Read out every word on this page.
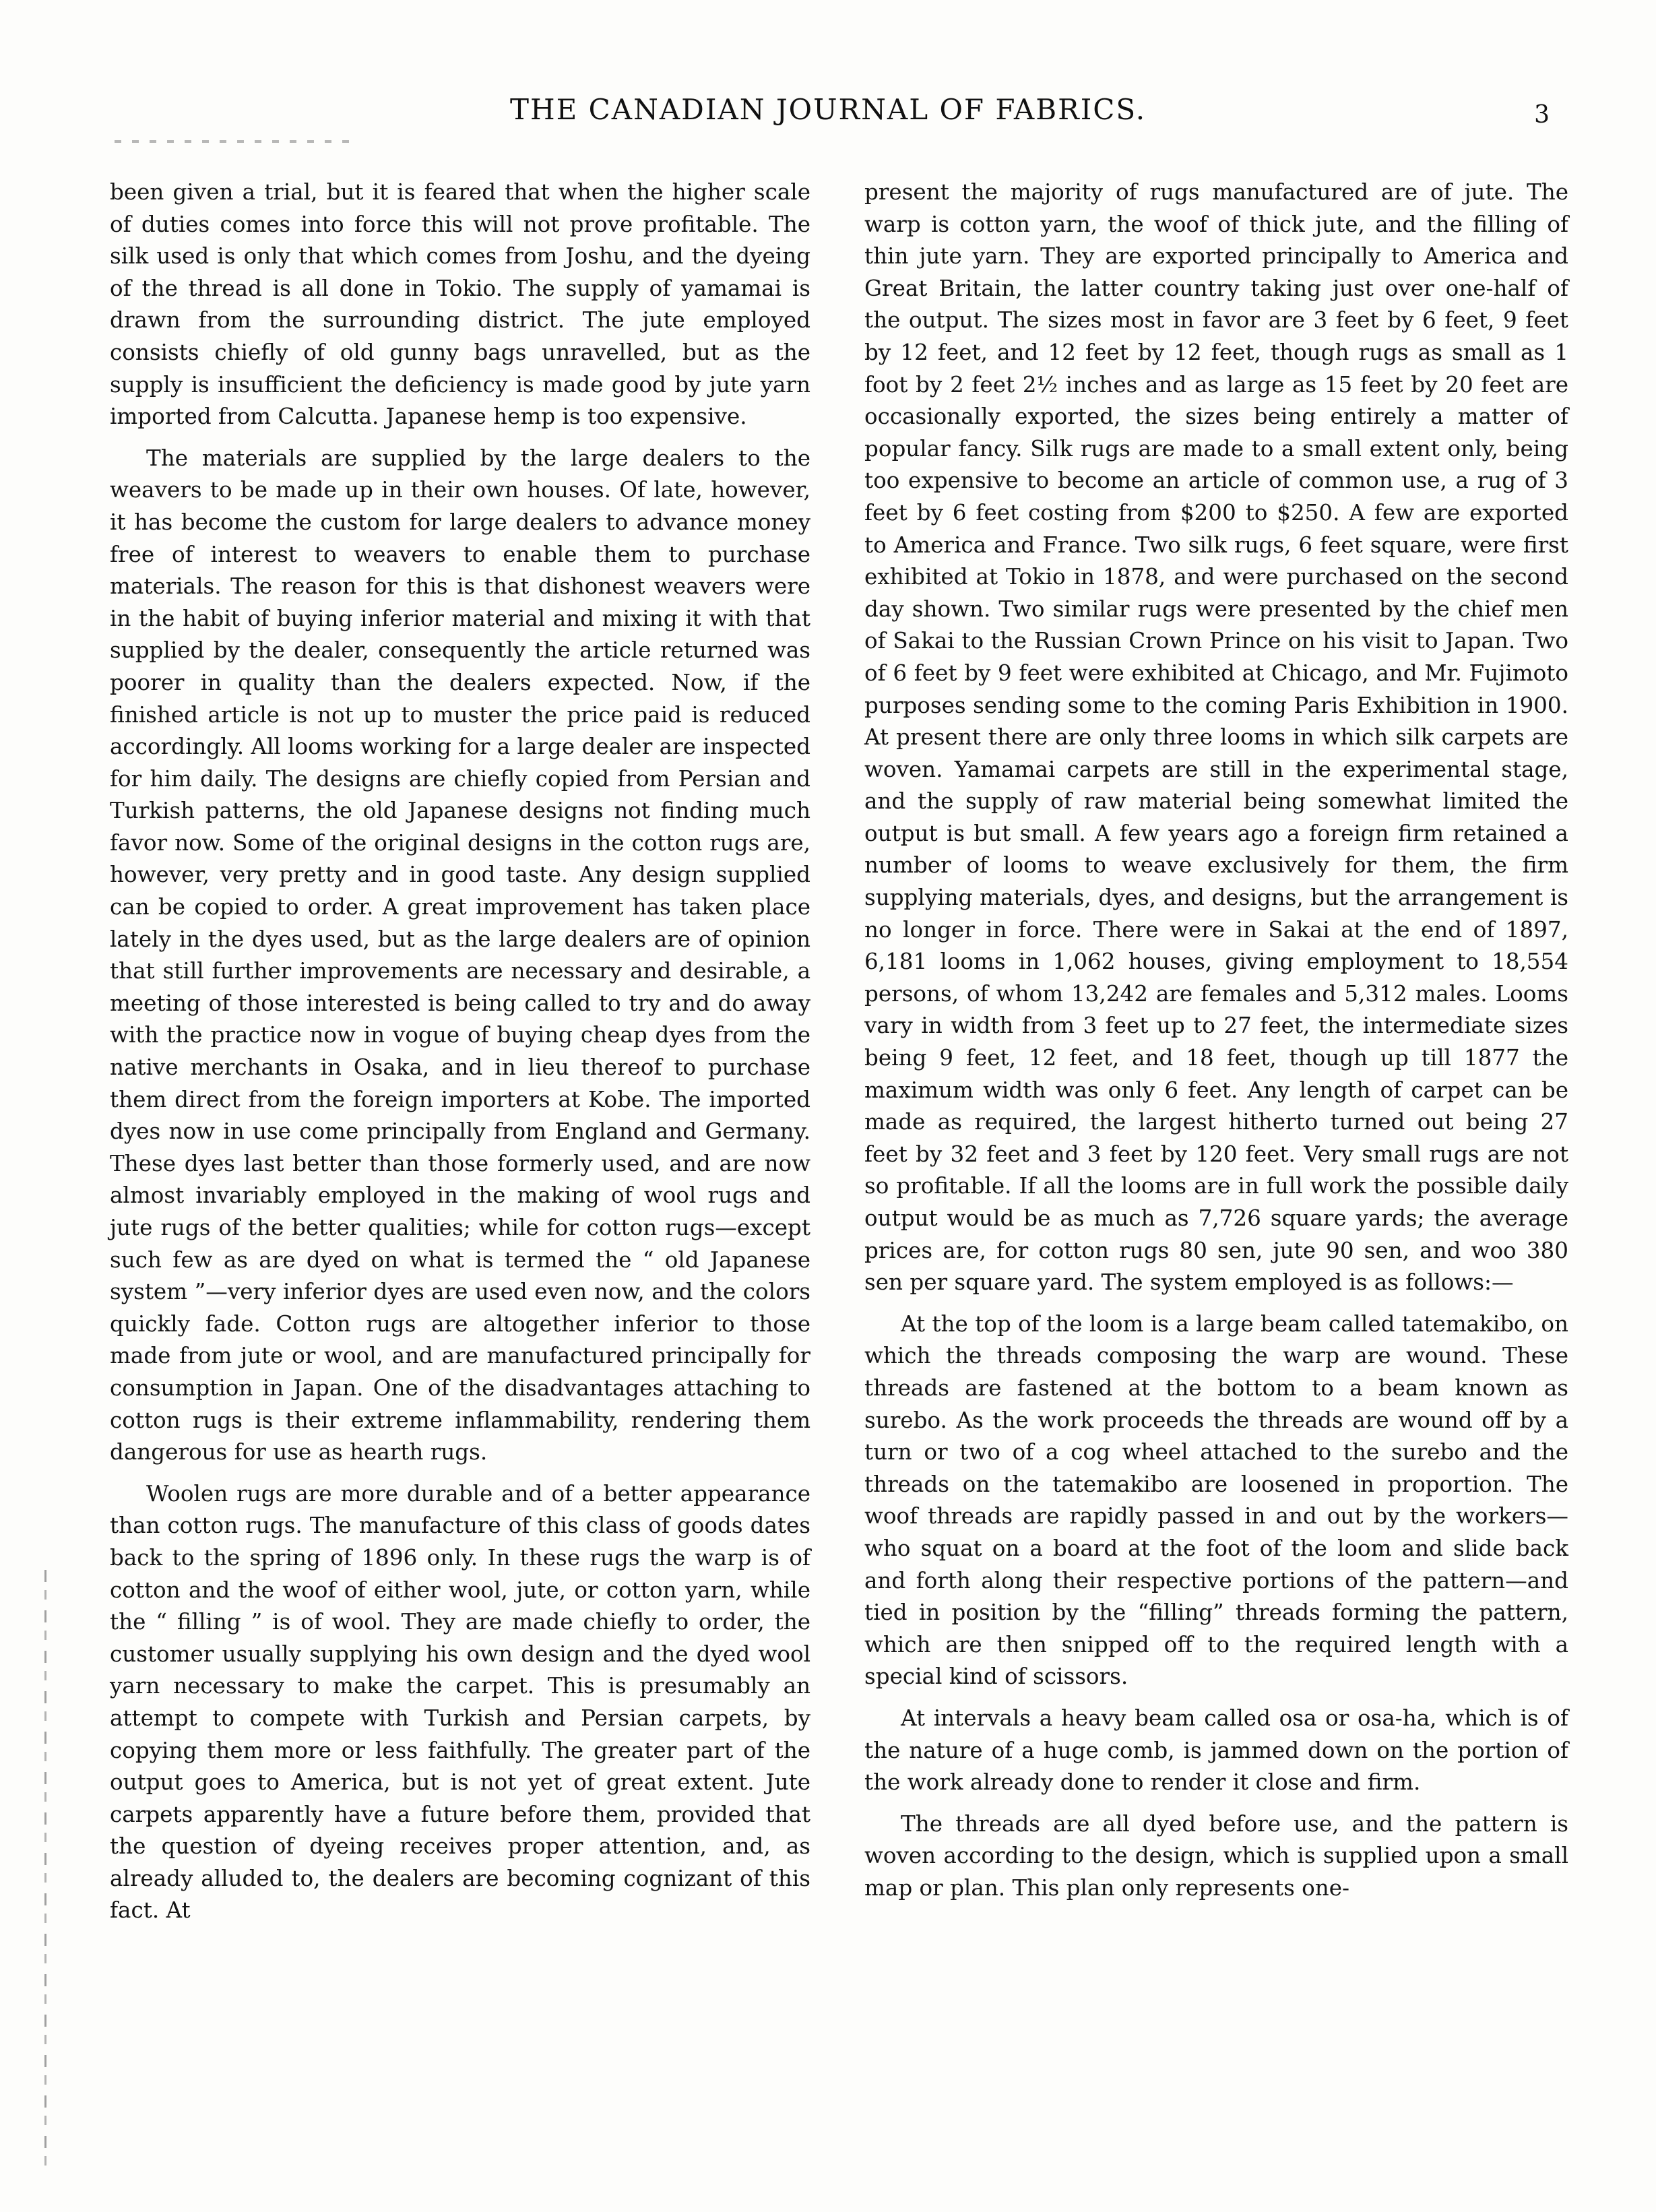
THE CANADIAN JOURNAL OF FABRICS.	3

been given a trial, but it is feared that when the higher scale of duties comes into force this will not prove profitable. The silk used is only that which comes from Joshu, and the dyeing of the thread is all done in Tokio. The supply of yamamai is drawn from the surrounding district. The jute employed consists chiefly of old gunny bags unravelled, but as the supply is insufficient the deficiency is made good by jute yarn imported from Calcutta. Japanese hemp is too expensive.

The materials are supplied by the large dealers to the weavers to be made up in their own houses. Of late, however, it has become the custom for large dealers to advance money free of interest to weavers to enable them to purchase materials. The reason for this is that dishonest weavers were in the habit of buying inferior material and mixing it with that supplied by the dealer, consequently the article returned was poorer in quality than the dealers expected. Now, if the finished article is not up to muster the price paid is reduced accordingly. All looms working for a large dealer are inspected for him daily. The designs are chiefly copied from Persian and Turkish patterns, the old Japanese designs not finding much favor now. Some of the original designs in the cotton rugs are, however, very pretty and in good taste. Any design supplied can be copied to order. A great improvement has taken place lately in the dyes used, but as the large dealers are of opinion that still further improvements are necessary and desirable, a meeting of those interested is being called to try and do away with the practice now in vogue of buying cheap dyes from the native merchants in Osaka, and in lieu thereof to purchase them direct from the foreign importers at Kobe. The imported dyes now in use come principally from England and Germany. These dyes last better than those formerly used, and are now almost invariably employed in the making of wool rugs and jute rugs of the better qualities; while for cotton rugs—except such few as are dyed on what is termed the “ old Japanese system ”—very inferior dyes are used even now, and the colors quickly fade. Cotton rugs are altogether inferior to those made from jute or wool, and are manufactured principally for consumption in Japan. One of the disadvantages attaching to cotton rugs is their extreme inflammability, rendering them dangerous for use as hearth rugs.

Woolen rugs are more durable and of a better appearance than cotton rugs. The manufacture of this class of goods dates back to the spring of 1896 only. In these rugs the warp is of cotton and the woof of either wool, jute, or cotton yarn, while the “ filling ” is of wool. They are made chiefly to order, the customer usually supplying his own design and the dyed wool yarn necessary to make the carpet. This is presumably an attempt to compete with Turkish and Persian carpets, by copying them more or less faithfully. The greater part of the output goes to America, but is not yet of great extent. Jute carpets apparently have a future before them, provided that the question of dyeing receives proper attention, and, as already alluded to, the dealers are becoming cognizant of this fact. At

present the majority of rugs manufactured are of jute. The warp is cotton yarn, the woof of thick jute, and the filling of thin jute yarn. They are exported principally to America and Great Britain, the latter country taking just over one-half of the output. The sizes most in favor are 3 feet by 6 feet, 9 feet by 12 feet, and 12 feet by 12 feet, though rugs as small as 1 foot by 2 feet 2½ inches and as large as 15 feet by 20 feet are occasionally exported, the sizes being entirely a matter of popular fancy. Silk rugs are made to a small extent only, being too expensive to become an article of common use, a rug of 3 feet by 6 feet costing from $200 to $250. A few are exported to America and France. Two silk rugs, 6 feet square, were first exhibited at Tokio in 1878, and were purchased on the second day shown. Two similar rugs were presented by the chief men of Sakai to the Russian Crown Prince on his visit to Japan. Two of 6 feet by 9 feet were exhibited at Chicago, and Mr. Fujimoto purposes sending some to the coming Paris Exhibition in 1900. At present there are only three looms in which silk carpets are woven. Yamamai carpets are still in the experimental stage, and the supply of raw material being somewhat limited the output is but small. A few years ago a foreign firm retained a number of looms to weave exclusively for them, the firm supplying materials, dyes, and designs, but the arrangement is no longer in force. There were in Sakai at the end of 1897, 6,181 looms in 1,062 houses, giving employment to 18,554 persons, of whom 13,242 are females and 5,312 males. Looms vary in width from 3 feet up to 27 feet, the intermediate sizes being 9 feet, 12 feet, and 18 feet, though up till 1877 the maximum width was only 6 feet. Any length of carpet can be made as required, the largest hitherto turned out being 27 feet by 32 feet and 3 feet by 120 feet. Very small rugs are not so profitable. If all the looms are in full work the possible daily output would be as much as 7,726 square yards; the average prices are, for cotton rugs 80 sen, jute 90 sen, and woo 380 sen per square yard. The system employed is as follows:—

At the top of the loom is a large beam called tatemakibo, on which the threads composing the warp are wound. These threads are fastened at the bottom to a beam known as surebo. As the work proceeds the threads are wound off by a turn or two of a cog wheel attached to the surebo and the threads on the tatemakibo are loosened in proportion. The woof threads are rapidly passed in and out by the workers—who squat on a board at the foot of the loom and slide back and forth along their respective portions of the pattern—and tied in position by the “filling” threads forming the pattern, which are then snipped off to the required length with a special kind of scissors.

At intervals a heavy beam called osa or osa-ha, which is of the nature of a huge comb, is jammed down on the portion of the work already done to render it close and firm.

The threads are all dyed before use, and the pattern is woven according to the design, which is supplied upon a small map or plan. This plan only represents one-
